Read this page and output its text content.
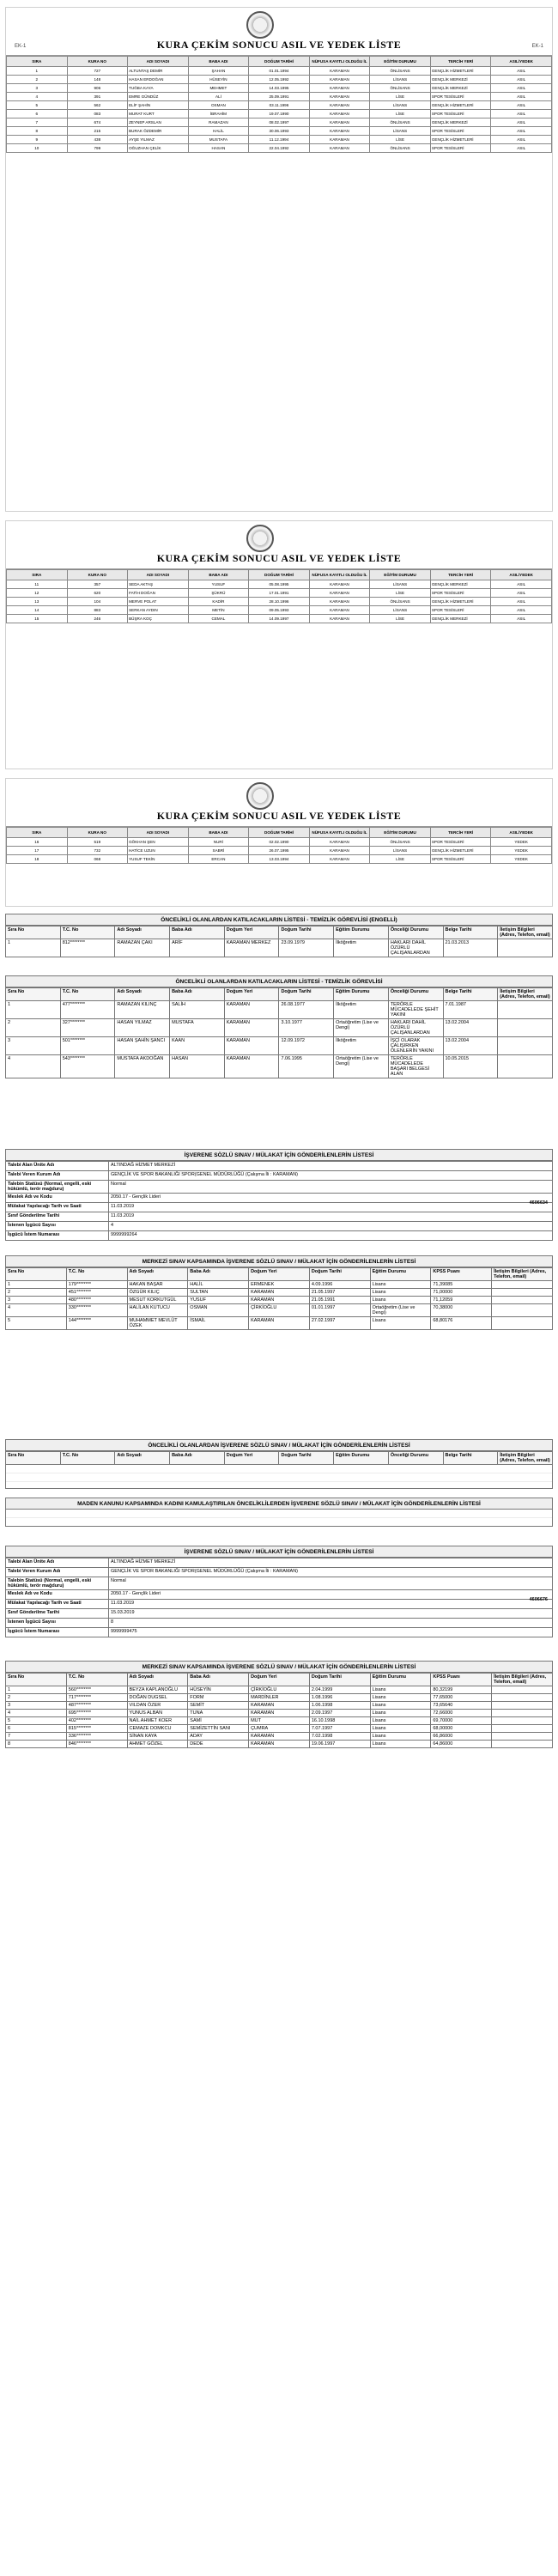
EK-1	EK-1
KURA ÇEKİM SONUCU ASIL VE YEDEK LİSTE
SIRA	KURA NO	ADI SOYADI	BABA ADI	DOĞUM TARİHİ	NÜFUSA KAYITLI OLDUĞU İL	EĞİTİM DURUMU	TERCİH YERİ	ASIL/YEDEK
1	727	ALTUNTAŞ DEMİR	ŞAHAN	01.01.1994	KARAMAN	ÖNLİSANS	GENÇLİK HİZMETLERİ	ASIL
2	148	HASAN ERDOĞAN	HÜSEYİN	12.05.1992	KARAMAN	LİSANS	GENÇLİK MERKEZİ	ASIL
3	906	TUĞBA KAYA	MEHMET	14.03.1995	KARAMAN	ÖNLİSANS	GENÇLİK MERKEZİ	ASIL
4	391	EMRE GÜNDÜZ	ALİ	25.09.1991	KARAMAN	LİSE	SPOR TESİSLERİ	ASIL
5	562	ELİF ŞAHİN	OSMAN	03.11.1996	KARAMAN	LİSANS	GENÇLİK HİZMETLERİ	ASIL
6	083	MURAT KURT	İBRAHİM	19.07.1990	KARAMAN	LİSE	SPOR TESİSLERİ	ASIL
7	674	ZEYNEP ARSLAN	RAMAZAN	08.02.1997	KARAMAN	ÖNLİSANS	GENÇLİK MERKEZİ	ASIL
8	215	BURAK ÖZDEMİR	HALİL	30.06.1993	KARAMAN	LİSANS	SPOR TESİSLERİ	ASIL
9	438	AYŞE YILMAZ	MUSTAFA	11.12.1994	KARAMAN	LİSE	GENÇLİK HİZMETLERİ	ASIL
10	799	OĞUZHAN ÇELİK	HASAN	22.04.1992	KARAMAN	ÖNLİSANS	SPOR TESİSLERİ	ASIL
KURA ÇEKİM SONUCU ASIL VE YEDEK LİSTE
SIRA	KURA NO	ADI SOYADI	BABA ADI	DOĞUM TARİHİ	NÜFUSA KAYITLI OLDUĞU İL	EĞİTİM DURUMU	TERCİH YERİ	ASIL/YEDEK
11	357	SEDA AKTAŞ	YUSUF	05.08.1995	KARAMAN	LİSANS	GENÇLİK MERKEZİ	ASIL
12	620	FATİH DOĞAN	ŞÜKRÜ	17.01.1991	KARAMAN	LİSE	SPOR TESİSLERİ	ASIL
13	104	MERVE POLAT	KADİR	28.10.1996	KARAMAN	ÖNLİSANS	GENÇLİK HİZMETLERİ	ASIL
14	883	SERKAN AYDIN	METİN	09.05.1993	KARAMAN	LİSANS	SPOR TESİSLERİ	ASIL
15	246	BÜŞRA KOÇ	CEMAL	14.09.1997	KARAMAN	LİSE	GENÇLİK MERKEZİ	ASIL
KURA ÇEKİM SONUCU ASIL VE YEDEK LİSTE
SIRA	KURA NO	ADI SOYADI	BABA ADI	DOĞUM TARİHİ	NÜFUSA KAYITLI OLDUĞU İL	EĞİTİM DURUMU	TERCİH YERİ	ASIL/YEDEK
16	519	GÖKHAN ŞEN	NURİ	02.02.1990	KARAMAN	ÖNLİSANS	SPOR TESİSLERİ	YEDEK
17	732	HATİCE UZUN	SABRİ	26.07.1995	KARAMAN	LİSANS	GENÇLİK HİZMETLERİ	YEDEK
18	068	YUSUF TEKİN	ERCAN	13.03.1994	KARAMAN	LİSE	SPOR TESİSLERİ	YEDEK
ÖNCELİKLİ OLANLARDAN KATILACAKLARIN LİSTESİ - TEMİZLİK GÖREVLİSİ (ENGELLİ)
Sıra No	T.C. No	Adı Soyadı	Baba Adı	Doğum Yeri	Doğum Tarihi	Eğitim Durumu	Önceliği Durumu	Belge Tarihi	İletişim Bilgileri (Adres, Telefon, email)
1	812********	RAMAZAN ÇAKI	ARİF	KARAMAN MERKEZ	23.09.1979	İlköğretim	HAKLARI DAHİL ÖZÜRLÜ ÇALIŞANLARDAN	21.03.2013	
ÖNCELİKLİ OLANLARDAN KATILACAKLARIN LİSTESİ - TEMİZLİK GÖREVLİSİ
Sıra No	T.C. No	Adı Soyadı	Baba Adı	Doğum Yeri	Doğum Tarihi	Eğitim Durumu	Önceliği Durumu	Belge Tarihi	İletişim Bilgileri (Adres, Telefon, email)
1	477********	RAMAZAN KILINÇ	SALİH	KARAMAN	26.08.1977	İlköğretim	TERÖRLE MÜCADELEDE ŞEHİT YAKINI	7.01.1987	
2	327********	HASAN YILMAZ	MUSTAFA	KARAMAN	3.10.1977	Ortaöğretim (Lise ve Dengi)	HAKLARI DAHİL ÖZÜRLÜ ÇALIŞANLARDAN	13.02.2004	
3	501********	HASAN ŞAHİN ŞANCI	KAAN	KARAMAN	12.09.1972	İlköğretim	İŞÇİ OLARAK ÇALIŞIRKEN ÖLENLERİN YAKINI	13.02.2004	
4	543********	MUSTAFA AKDOĞAN	HASAN	KARAMAN	7.06.1995	Ortaöğretim (Lise ve Dengi)	TERÖRLE MÜCADELEDE BAŞARI BELGESİ ALAN	10.05.2015	
İŞVERENE SÖZLÜ SINAV / MÜLAKAT İÇİN GÖNDERİLENLERİN LİSTESİ
Talebi Alan Ünite Adı	ALTINDAĞ HİZMET MERKEZİ
Talebi Veren Kurum Adı	GENÇLİK VE SPOR BAKANLIĞI SPOR(GENEL MÜDÜRLÜĞÜ (Çalışma İli : KARAMAN)
Talebin Statüsü (Normal, engelli, eski hükümlü, terör mağduru)	Normal
Meslek Adı ve Kodu	2050.17 - Gençlik Lideri
Mülakat Yapılacağı Tarih ve Saati	11.03.2019
Sınıf Gönderilme Tarihi	11.03.2019
İstenen İşgücü Sayısı	4
İşgücü İstem Numarası	9999999264
4606634
MERKEZİ SINAV KAPSAMINDA İŞVERENE SÖZLÜ SINAV / MÜLAKAT İÇİN GÖNDERİLENLERİN LİSTESİ
Sıra No	T.C. No	Adı Soyadı	Baba Adı	Doğum Yeri	Doğum Tarihi	Eğitim Durumu	KPSS Puanı	İletişim Bilgileri (Adres, Telefon, email)
1	179********	HAKAN BAŞAR	HALİL	ERMENEK	4.09.1996	Lisans	71,39085	
2	451********	ÖZGÜR KILIÇ	SULTAN	KARAMAN	21.05.1997	Lisans	71,00000	
3	480********	MESUT KORKUTGÜL	YUSUF	KARAMAN	21.05.1991	Lisans	71,12059	
4	330********	HALİLAN KUTUCU	OSMAN	ÇİRKİOĞLU	01.01.1997	Ortaöğretim (Lise ve Dengi)	70,38000	
5	144********	MUHAMMET MEVLÜT ÖZEK	İSMAİL	KARAMAN	27.02.1997	Lisans	68,80176	
ÖNCELİKLİ OLANLARDAN İŞVERENE SÖZLÜ SINAV / MÜLAKAT İÇİN GÖNDERİLENLERİN LİSTESİ
Sıra No	T.C. No	Adı Soyadı	Baba Adı	Doğum Yeri	Doğum Tarihi	Eğitim Durumu	Önceliği Durumu	Belge Tarihi	İletişim Bilgileri (Adres, Telefon, email)
MADEN KANUNU KAPSAMINDA KADINI KAMULAŞTIRILAN ÖNCELİKLİLERDEN İŞVERENE SÖZLÜ SINAV / MÜLAKAT İÇİN GÖNDERİLENLERİN LİSTESİ
İŞVERENE SÖZLÜ SINAV / MÜLAKAT İÇİN GÖNDERİLENLERİN LİSTESİ
Talebi Alan Ünite Adı	ALTINDAĞ HİZMET MERKEZİ
Talebi Veren Kurum Adı	GENÇLİK VE SPOR BAKANLIĞI SPOR(GENEL MÜDÜRLÜĞÜ (Çalışma İli : KARAMAN)
Talebin Statüsü (Normal, engelli, eski hükümlü, terör mağduru)	Normal
Meslek Adı ve Kodu	2050.17 - Gençlik Lideri
Mülakat Yapılacağı Tarih ve Saati	11.03.2019
Sınıf Gönderilme Tarihi	15.03.2019
İstenen İşgücü Sayısı	8
İşgücü İstem Numarası	9999999475
4606676
MERKEZİ SINAV KAPSAMINDA İŞVERENE SÖZLÜ SINAV / MÜLAKAT İÇİN GÖNDERİLENLERİN LİSTESİ
Sıra No	T.C. No	Adı Soyadı	Baba Adı	Doğum Yeri	Doğum Tarihi	Eğitim Durumu	KPSS Puanı	İletişim Bilgileri (Adres, Telefon, email)
1	560********	BEYZA KAPLANOĞLU	HÜSEYİN	ÇİRKİOĞLU	2.04.1999	Lisans	80,32199	
2	717********	DOĞAN DUGSEL	FORM	MARDİNLER	1.08.1996	Lisans	77,65000	
3	487********	VILDAN ÖZER	SEMİT	KARAMAN	1.06.1998	Lisans	73,65640	
4	695********	YUNUS ALBAN	TUNA	KARAMAN	2.09.1997	Lisans	72,66000	
5	402********	NAİL AHMET KOER	SAMİ	MUT	16.10.1998	Lisans	69,70000	
6	815********	CEMAZE DOMKCU	SEMİZETTİN SANI	ÇUMRA	7.07.1997	Lisans	68,00000	
7	336********	SİNAN KAYA	ADAY	KARAMAN	7.02.1998	Lisans	66,86000	
8	846********	AHMET GÖZEL	DEDE	KARAMAN	19.06.1997	Lisans	64,86000	
